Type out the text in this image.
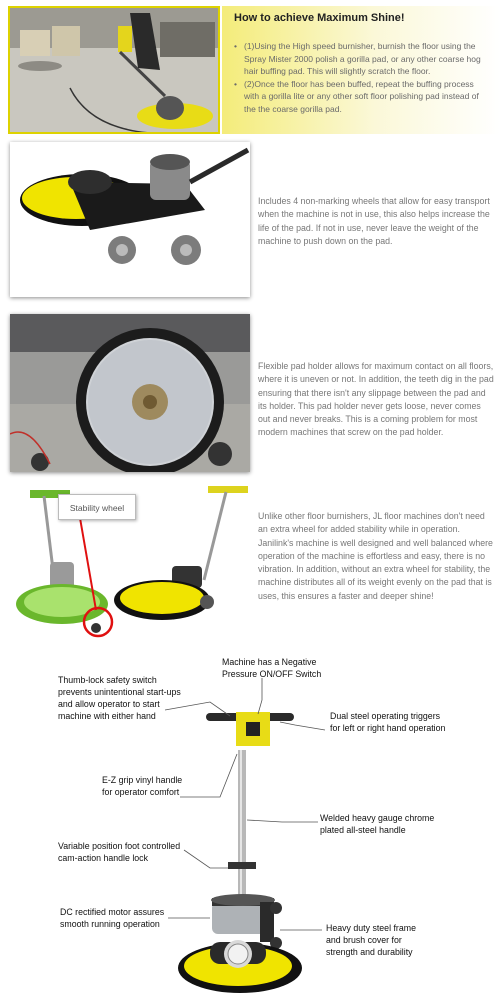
How to achieve Maximum Shine!
• (1)Using the High speed burnisher, burnish the floor using the Spray Mister 2000 polish a gorilla pad, or any other coarse hog hair buffing pad. This will slightly scratch the floor.
• (2)Once the floor has been buffed, repeat the buffing process with a gorilla lite or any other soft floor polishing pad instead of the the coarse gorilla pad.
Includes 4 non-marking wheels that allow for easy transport when the machine is not in use, this also helps increase the life of the pad. If not in use, never leave the weight of the machine to push down on the pad.
Flexible pad holder allows for maximum contact on all floors, where it is uneven or not. In addition, the teeth dig in the pad ensuring that there isn't any slippage between the pad and its holder. This pad holder never gets loose, never comes out and never breaks. This is a coming problem for most modern machines that screw on the pad holder.
Stability wheel
Unlike other floor burnishers, JL floor machines don't need an extra wheel for added stability while in operation. Janilink's machine is well designed and well balanced where operation of the machine is effortless and easy, there is no vibration. In addition, without an extra wheel for stability, the machine distributes all of its weight evenly on the pad that is uses, this ensures a faster and deeper shine!
Machine has a Negative Pressure ON/OFF Switch
Thumb-lock safety switch prevents unintentional start-ups and allow operator to start machine with either hand	Dual steel operating triggers for left or right hand operation
E-Z grip vinyl handle for operator comfort
Welded heavy gauge chrome plated all-steel handle
Variable position foot controlled cam-action handle lock
DC rectified motor assures smooth running operation	Heavy duty steel frame and brush cover for strength and durability
